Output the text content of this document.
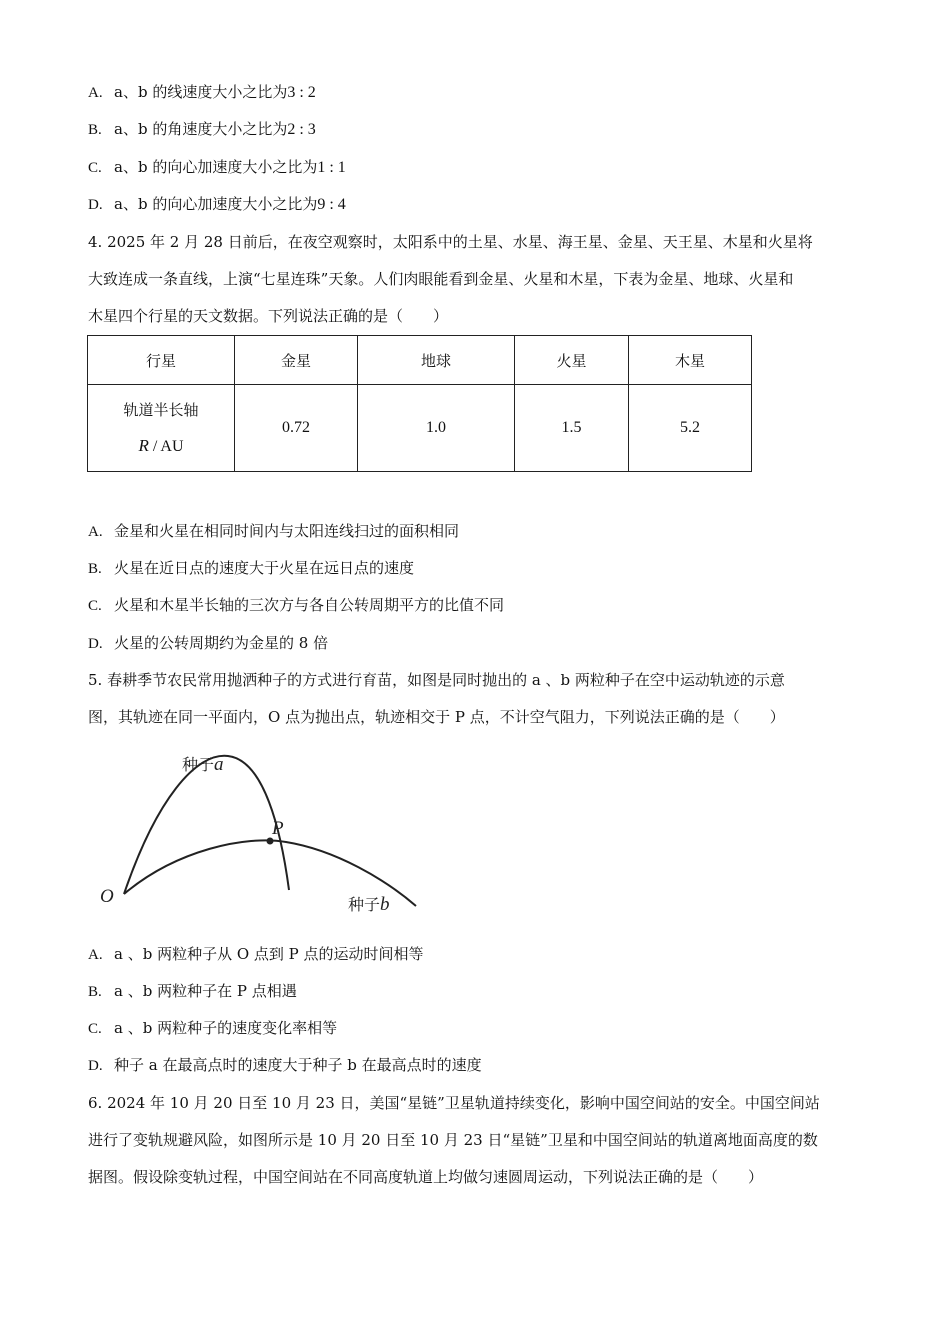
A. a、b 的线速度大小之比为3 : 2
B. a、b 的角速度大小之比为2 : 3
C. a、b 的向心加速度大小之比为1 : 1
D. a、b 的向心加速度大小之比为9 : 4
4. 2025 年 2 月 28 日前后，在夜空观察时，太阳系中的土星、水星、海王星、金星、天王星、木星和火星将
大致连成一条直线，上演“七星连珠”天象。人们肉眼能看到金星、火星和木星，下表为金星、地球、火星和
木星四个行星的天文数据。下列说法正确的是（　　）
行星	金星	地球	火星	木星

轨道半长轴
R / AU	0.72	1.0	1.5	5.2
A. 金星和火星在相同时间内与太阳连线扫过的面积相同
B. 火星在近日点的速度大于火星在远日点的速度
C. 火星和木星半长轴的三次方与各自公转周期平方的比值不同
D. 火星的公转周期约为金星的 8 倍
5. 春耕季节农民常用抛洒种子的方式进行育苗，如图是同时抛出的 a 、b 两粒种子在空中运动轨迹的示意
图，其轨迹在同一平面内，O 点为抛出点，轨迹相交于 P 点，不计空气阻力，下列说法正确的是（　　）
种子a
P
O	种子b
A. a 、b 两粒种子从 O 点到 P 点的运动时间相等
B. a 、b 两粒种子在 P 点相遇
C. a 、b 两粒种子的速度变化率相等
D. 种子 a 在最高点时的速度大于种子 b 在最高点时的速度
6. 2024 年 10 月 20 日至 10 月 23 日，美国“星链”卫星轨道持续变化，影响中国空间站的安全。中国空间站
进行了变轨规避风险，如图所示是 10 月 20 日至 10 月 23 日“星链”卫星和中国空间站的轨道离地面高度的数
据图。假设除变轨过程，中国空间站在不同高度轨道上均做匀速圆周运动，下列说法正确的是（　　）
